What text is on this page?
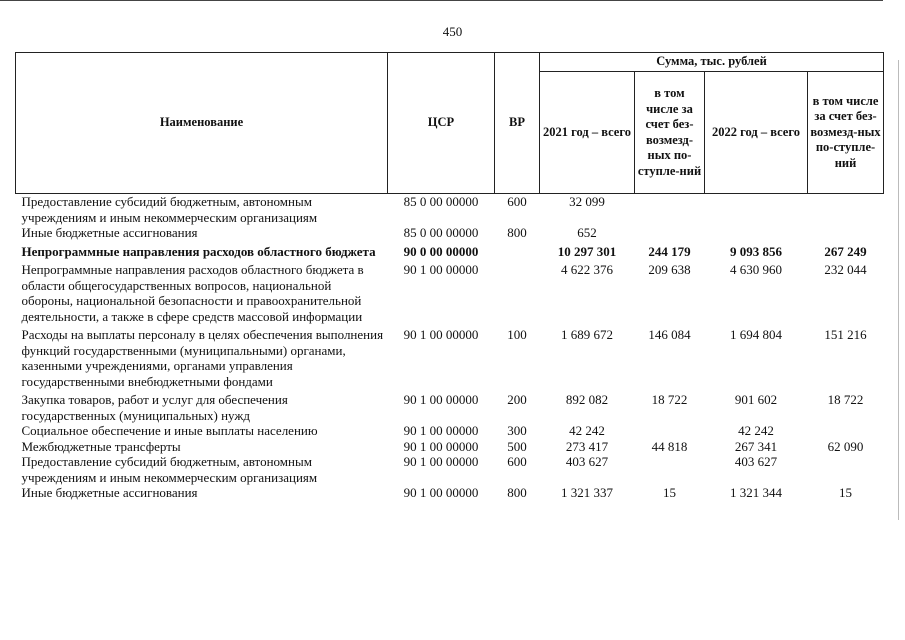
450
Наименование	ЦСР	ВР	Сумма, тыс. рублей			
			2021 год – всего	в том числе за счет без-возмезд-ных по-ступле-ний	2022 год – всего	в том числе за счет без-возмезд-ных по-ступле-ний
Предоставление субсидий бюджетным, автономным учреждениям и иным некоммерческим организациям	85 0 00 00000	600	32 099			
Иные бюджетные ассигнования	85 0 00 00000	800	652			
Непрограммные направления расходов областного бюджета	90 0 00 00000		10 297 301	244 179	9 093 856	267 249
Непрограммные направления расходов областного бюджета в области общегосударственных вопросов, национальной обороны, национальной безопасности и правоохранительной деятельности, а также в сфере средств массовой информации	90 1 00 00000		4 622 376	209 638	4 630 960	232 044
Расходы на выплаты персоналу в целях обеспечения выполнения функций государственными (муниципальными) органами, казенными учреждениями, органами управления государственными внебюджетными фондами	90 1 00 00000	100	1 689 672	146 084	1 694 804	151 216
Закупка товаров, работ и услуг для обеспечения государственных (муниципальных) нужд	90 1 00 00000	200	892 082	18 722	901 602	18 722
Социальное обеспечение и иные выплаты населению	90 1 00 00000	300	42 242		42 242	
Межбюджетные трансферты	90 1 00 00000	500	273 417	44 818	267 341	62 090
Предоставление субсидий бюджетным, автономным учреждениям и иным некоммерческим организациям	90 1 00 00000	600	403 627		403 627	
Иные бюджетные ассигнования	90 1 00 00000	800	1 321 337	15	1 321 344	15
